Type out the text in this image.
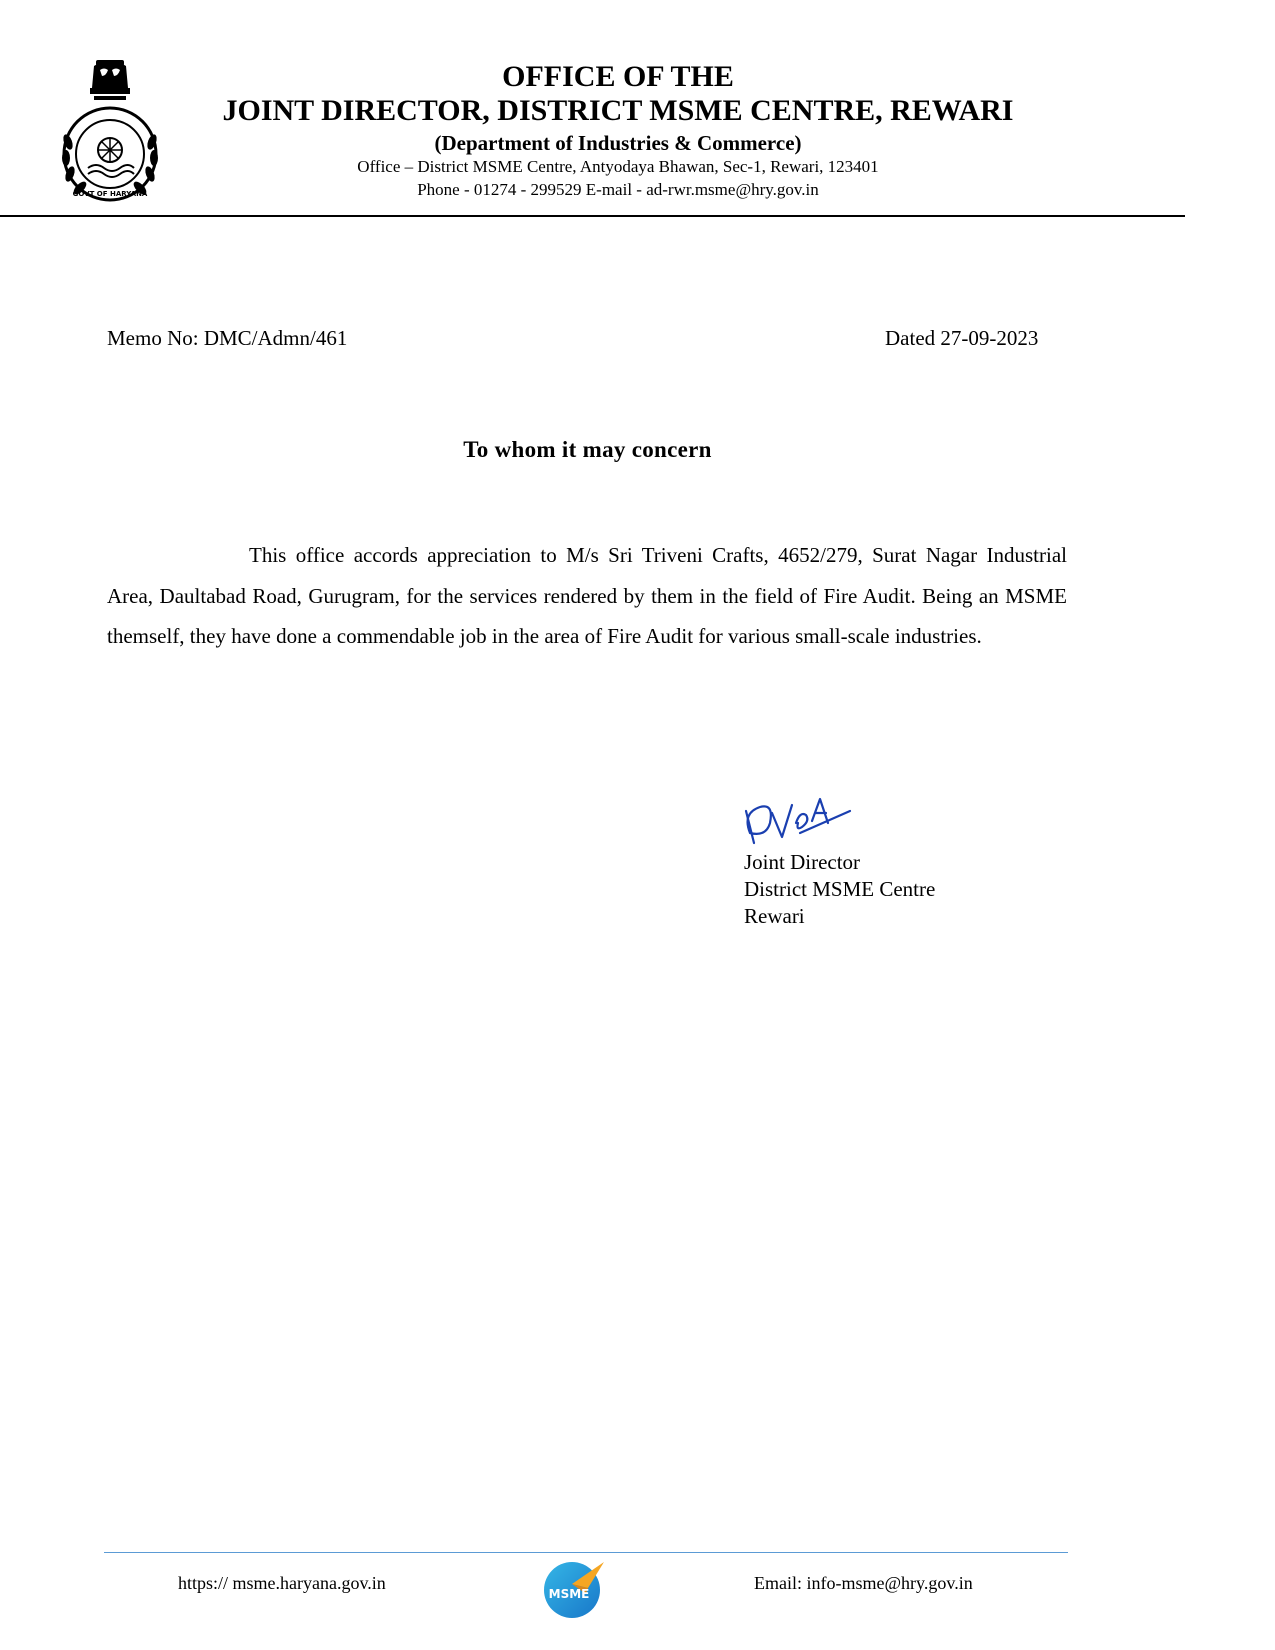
GOVT OF HARYANA
OFFICE OF THE
JOINT DIRECTOR, DISTRICT MSME CENTRE, REWARI
(Department of Industries & Commerce)
Office – District MSME Centre, Antyodaya Bhawan, Sec-1, Rewari, 123401
Phone - 01274 - 299529 E-mail - ad-rwr.msme@hry.gov.in
Memo No: DMC/Admn/461	Dated 27-09-2023
To whom it may concern

This office accords appreciation to M/s Sri Triveni Crafts, 4652/279, Surat Nagar Industrial Area, Daultabad Road, Gurugram, for the services rendered by them in the field of Fire Audit. Being an MSME themself, they have done a commendable job in the area of Fire Audit for various small-scale industries.

Joint Director
District MSME Centre
Rewari
https:// msme.haryana.gov.in
MSME
Email: info-msme@hry.gov.in
